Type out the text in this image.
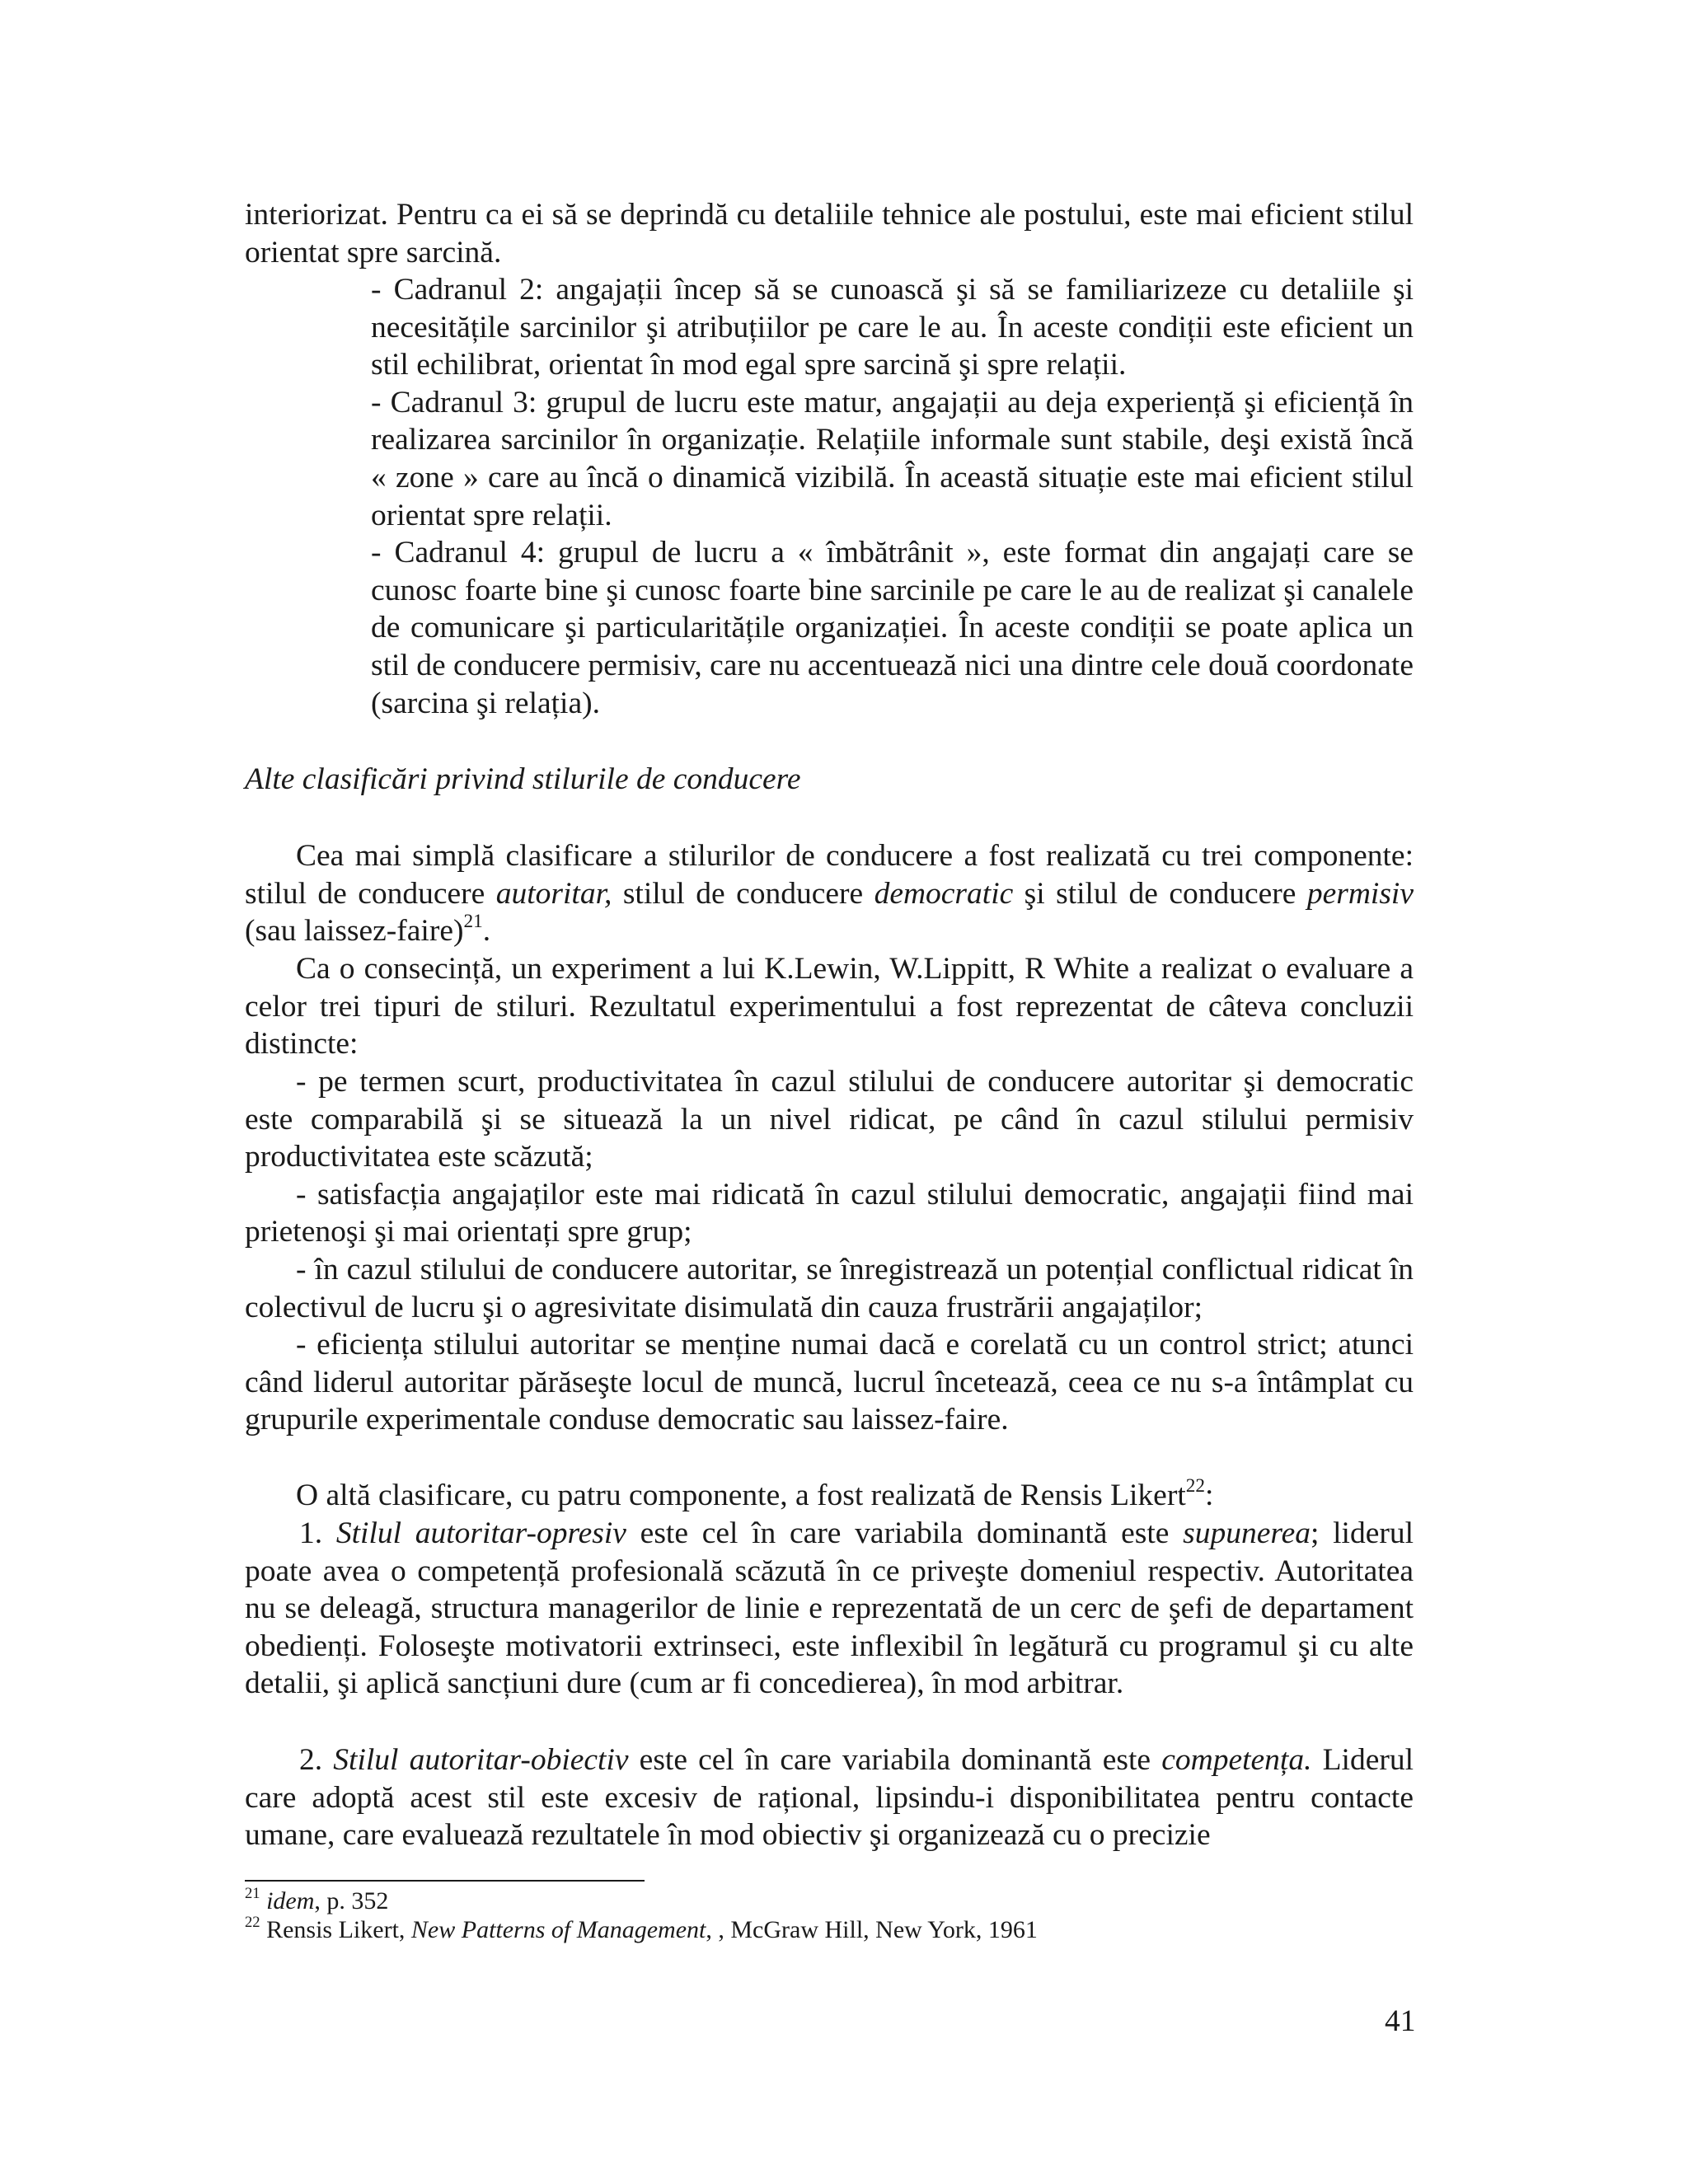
interiorizat. Pentru ca ei să se deprindă cu detaliile tehnice ale postului, este mai eficient stilul orientat spre sarcină.

- Cadranul 2: angajații încep să se cunoască şi să se familiarizeze cu detaliile şi necesitățile sarcinilor şi atribuțiilor pe care le au. În aceste condiții este eficient un stil echilibrat, orientat în mod egal spre sarcină şi spre relații.

- Cadranul 3: grupul de lucru este matur, angajații au deja experiență şi eficiență în realizarea sarcinilor în organizație. Relațiile informale sunt stabile, deşi există încă « zone » care au încă o dinamică vizibilă. În această situație este mai eficient stilul orientat spre relații.

- Cadranul 4: grupul de lucru a « îmbătrânit », este format din angajați care se cunosc foarte bine şi cunosc foarte bine sarcinile pe care le au de realizat şi canalele de comunicare şi particularitățile organizației. În aceste condiții se poate aplica un stil de conducere permisiv, care nu accentuează nici una dintre cele două coordonate (sarcina şi relația).

Alte clasificări privind stilurile de conducere

Cea mai simplă clasificare a stilurilor de conducere a fost realizată cu trei componente: stilul de conducere autoritar, stilul de conducere democratic şi stilul de conducere permisiv (sau laissez-faire)$^{21}$.

Ca o consecință, un experiment a lui K.Lewin, W.Lippitt, R White a realizat o evaluare a celor trei tipuri de stiluri. Rezultatul experimentului a fost reprezentat de câteva concluzii distincte:

- pe termen scurt, productivitatea în cazul stilului de conducere autoritar şi democratic este comparabilă şi se situează la un nivel ridicat, pe când în cazul stilului permisiv productivitatea este scăzută;

- satisfacția angajaților este mai ridicată în cazul stilului democratic, angajații fiind mai prietenoşi şi mai orientați spre grup;

- în cazul stilului de conducere autoritar, se înregistrează un potențial conflictual ridicat în colectivul de lucru şi o agresivitate disimulată din cauza frustrării angajaților;

- eficiența stilului autoritar se menține numai dacă e corelată cu un control strict; atunci când liderul autoritar părăseşte locul de muncă, lucrul încetează, ceea ce nu s-a întâmplat cu grupurile experimentale conduse democratic sau laissez-faire.

O altă clasificare, cu patru componente, a fost realizată de Rensis Likert$^{22}$:

1. Stilul autoritar-opresiv este cel în care variabila dominantă este supunerea; liderul poate avea o competență profesională scăzută în ce priveşte domeniul respectiv. Autoritatea nu se deleagă, structura managerilor de linie e reprezentată de un cerc de şefi de departament obedienți. Foloseşte motivatorii extrinseci, este inflexibil în legătură cu programul şi cu alte detalii, şi aplică sancțiuni dure (cum ar fi concedierea), în mod arbitrar.

2. Stilul autoritar-obiectiv este cel în care variabila dominantă este competența. Liderul care adoptă acest stil este excesiv de rațional, lipsindu-i disponibilitatea pentru contacte umane, care evaluează rezultatele în mod obiectiv şi organizează cu o precizie

$^{21}$ idem, p. 352
$^{22}$ Rensis Likert, New Patterns of Management, , McGraw Hill, New York, 1961
41
